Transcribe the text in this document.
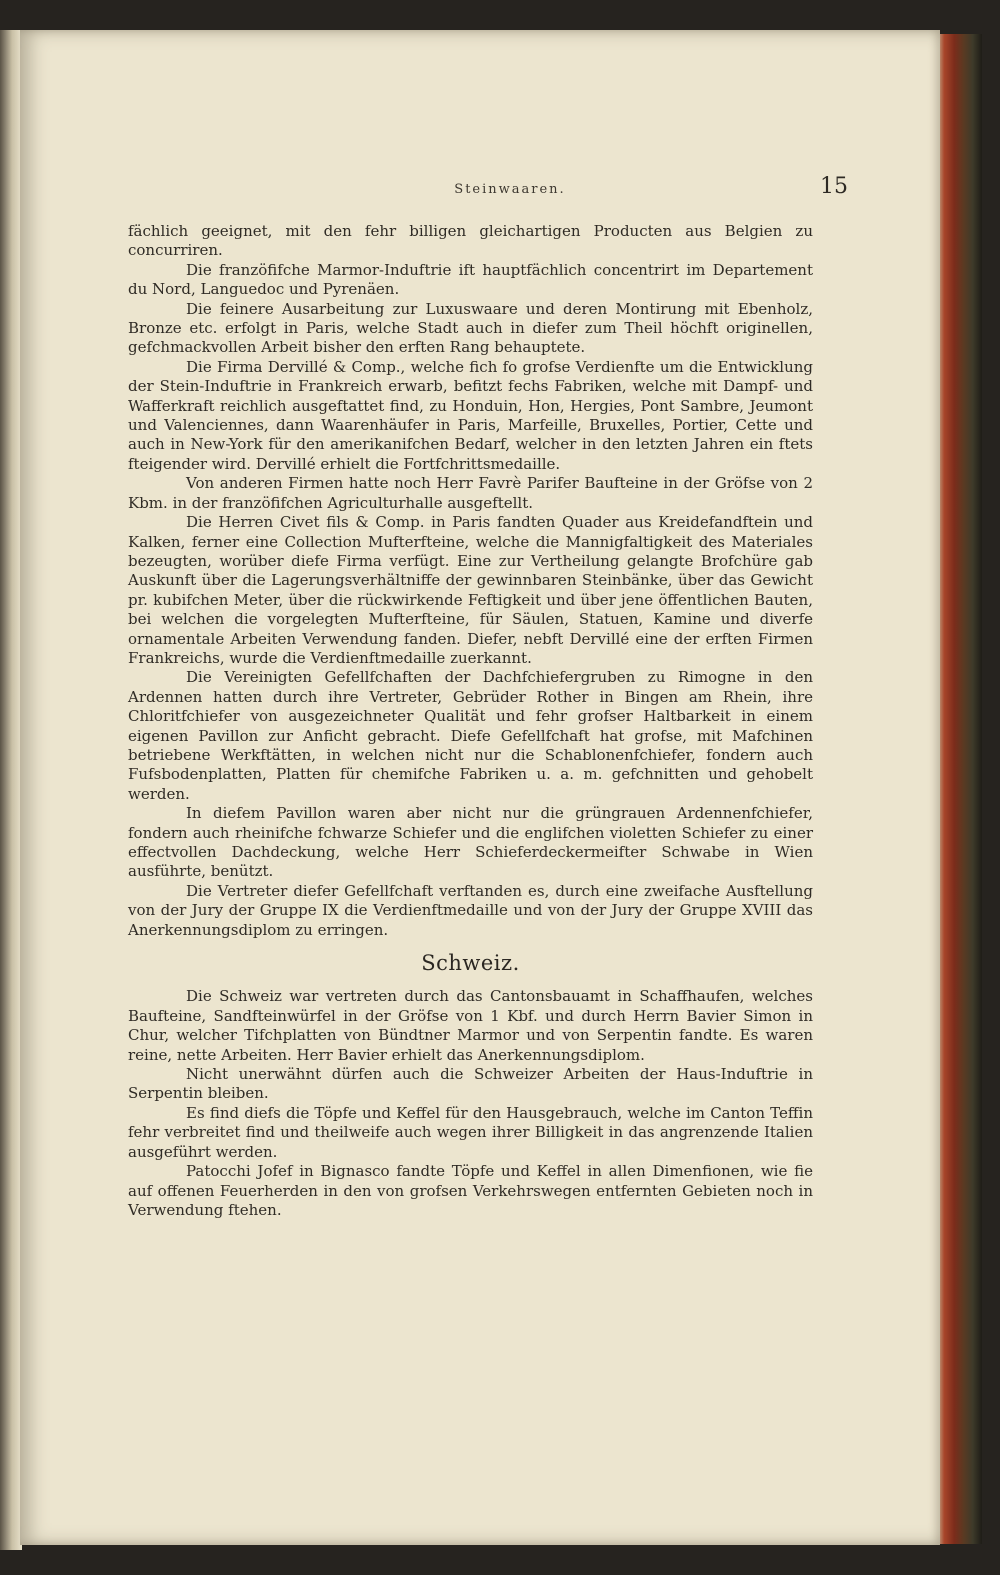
Steinwaaren.	15

fächlich geeignet, mit den fehr billigen gleichartigen Producten aus Belgien zu concurriren.

Die franzöfifche Marmor-Induftrie ift hauptfächlich concentrirt im Departement du Nord, Languedoc und Pyrenäen.

Die feinere Ausarbeitung zur Luxuswaare und deren Montirung mit Ebenholz, Bronze etc. erfolgt in Paris, welche Stadt auch in diefer zum Theil höchft originellen, gefchmackvollen Arbeit bisher den erften Rang behauptete.

Die Firma Dervillé & Comp., welche fich fo grofse Verdienfte um die Entwicklung der Stein-Induftrie in Frankreich erwarb, befitzt fechs Fabriken, welche mit Dampf- und Wafferkraft reichlich ausgeftattet find, zu Honduin, Hon, Hergies, Pont Sambre, Jeumont und Valenciennes, dann Waarenhäufer in Paris, Marfeille, Bruxelles, Portier, Cette und auch in New-York für den amerikanifchen Bedarf, welcher in den letzten Jahren ein ftets fteigender wird. Dervillé erhielt die Fortfchrittsmedaille.

Von anderen Firmen hatte noch Herr Favrè Parifer Baufteine in der Gröfse von 2 Kbm. in der franzöfifchen Agriculturhalle ausgeftellt.

Die Herren Civet fils & Comp. in Paris fandten Quader aus Kreidefandftein und Kalken, ferner eine Collection Mufterfteine, welche die Mannigfaltigkeit des Materiales bezeugten, worüber diefe Firma verfügt. Eine zur Vertheilung gelangte Brofchüre gab Auskunft über die Lagerungsverhältniffe der gewinnbaren Steinbänke, über das Gewicht pr. kubifchen Meter, über die rückwirkende Feftigkeit und über jene öffentlichen Bauten, bei welchen die vorgelegten Mufterfteine, für Säulen, Statuen, Kamine und diverfe ornamentale Arbeiten Verwendung fanden. Diefer, nebft Dervillé eine der erften Firmen Frankreichs, wurde die Verdienftmedaille zuerkannt.

Die Vereinigten Gefellfchaften der Dachfchiefergruben zu Rimogne in den Ardennen hatten durch ihre Vertreter, Gebrüder Rother in Bingen am Rhein, ihre Chloritfchiefer von ausgezeichneter Qualität und fehr grofser Haltbarkeit in einem eigenen Pavillon zur Anficht gebracht. Diefe Gefellfchaft hat grofse, mit Mafchinen betriebene Werkftätten, in welchen nicht nur die Schablonenfchiefer, fondern auch Fufsbodenplatten, Platten für chemifche Fabriken u. a. m. gefchnitten und gehobelt werden.

In diefem Pavillon waren aber nicht nur die grüngrauen Ardennenfchiefer, fondern auch rheinifche fchwarze Schiefer und die englifchen violetten Schiefer zu einer effectvollen Dachdeckung, welche Herr Schieferdeckermeifter Schwabe in Wien ausführte, benützt.

Die Vertreter diefer Gefellfchaft verftanden es, durch eine zweifache Ausftellung von der Jury der Gruppe IX die Verdienftmedaille und von der Jury der Gruppe XVIII das Anerkennungsdiplom zu erringen.

Schweiz.

Die Schweiz war vertreten durch das Cantonsbauamt in Schaffhaufen, welches Baufteine, Sandfteinwürfel in der Gröfse von 1 Kbf. und durch Herrn Bavier Simon in Chur, welcher Tifchplatten von Bündtner Marmor und von Serpentin fandte. Es waren reine, nette Arbeiten. Herr Bavier erhielt das Anerkennungsdiplom.

Nicht unerwähnt dürfen auch die Schweizer Arbeiten der Haus-Induftrie in Serpentin bleiben.

Es find diefs die Töpfe und Keffel für den Hausgebrauch, welche im Canton Teffin fehr verbreitet find und theilweife auch wegen ihrer Billigkeit in das angrenzende Italien ausgeführt werden.

Patocchi Jofef in Bignasco fandte Töpfe und Keffel in allen Dimenfionen, wie fie auf offenen Feuerherden in den von grofsen Verkehrswegen entfernten Gebieten noch in Verwendung ftehen.
